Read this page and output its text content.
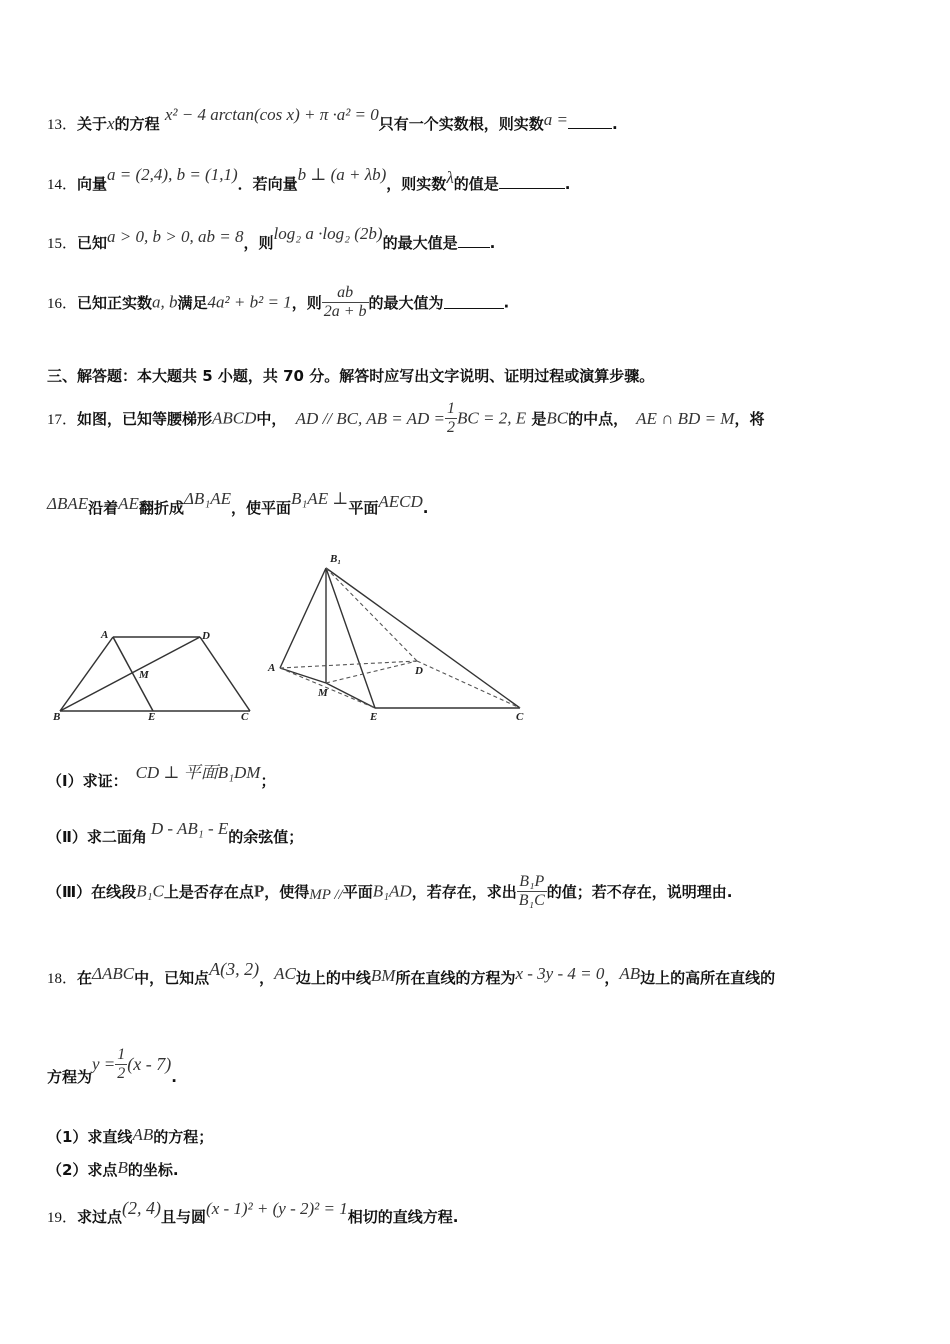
13．关于x的方程 x² − 4 arctan(cos x) + π ·a² = 0只有一个实数根，则实数a =	.
14．向量a = (2,4), b = (1,1)．若向量b ⊥ (a + λb)，则实数λ的值是	.
15．已知a > 0, b > 0, ab = 8，则log₂ a ·log₂ (2b)的最大值是 .
16．已知正实数a, b满足4a² + b² = 1，则 $\frac{ab}{2a + b}$ 的最大值为	.
三、解答题：本大题共 5 小题，共 70 分。解答时应写出文字说明、证明过程或演算步骤。
17．如图，已知等腰梯形ABCD中， AD // BC, AB = AD = $\frac{1}{2}$ BC = 2, E 是BC的中点， AE ∩ BD = M，将
ΔBAE沿着AE翻折成ΔB₁AE，使平面B₁AE ⊥平面AECD.
A	D
M
B	E	C
B₁
A	D
M
E	C
（Ⅰ）求证： CD ⊥ 平面B₁DM；
（Ⅱ）求二面角 D - AB₁ - E的余弦值；
（Ⅲ）在线段B₁C上是否存在点P，使得MP //平面B₁AD，若存在，求出 $\frac{\text{B₁P}}{\text{B₁C}}$ 的值；若不存在，说明理由.
18．在ΔABC中，已知点A(3, 2)，AC边上的中线BM所在直线的方程为x - 3y - 4 = 0，AB边上的高所在直线的
方程为$y = \frac{1}{2} (x - 7)$.
（1）求直线AB的方程；
（2）求点B的坐标.
19．求过点(2, 4)且与圆(x - 1)² + (y - 2)² = 1相切的直线方程.
